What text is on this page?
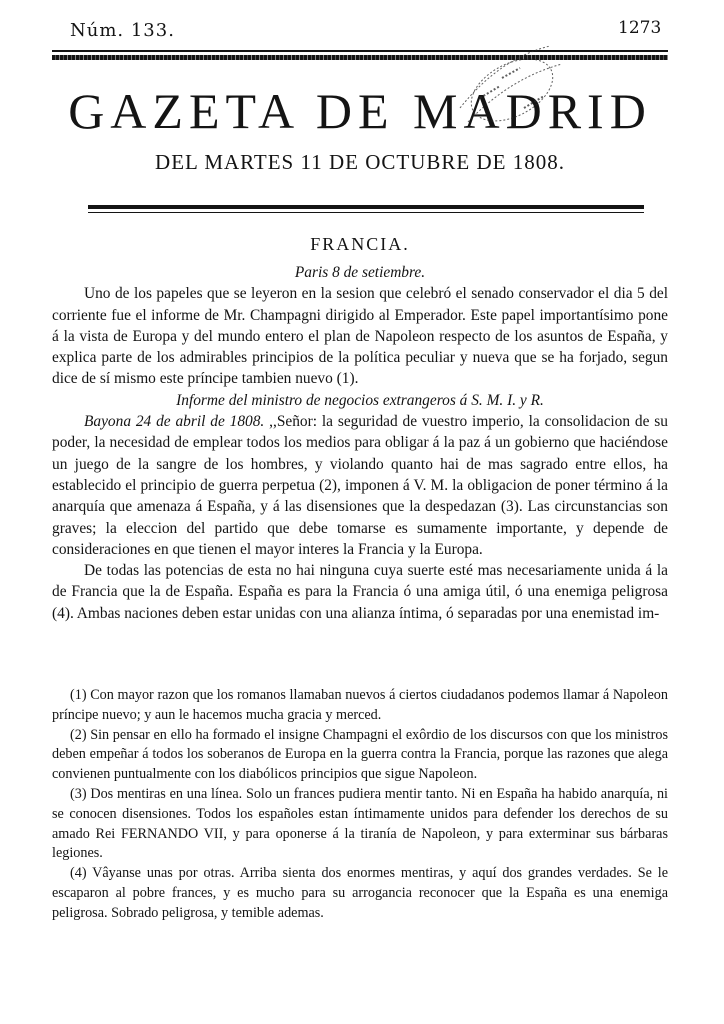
Núm. 133.	1273
GAZETA DE MADRID
DEL MARTES 11 DE OCTUBRE DE 1808.

FRANCIA.

Paris 8 de setiembre.

Uno de los papeles que se leyeron en la sesion que celebró el senado conservador el dia 5 del corriente fue el informe de Mr. Champagni dirigido al Emperador. Este papel importantísimo pone á la vista de Europa y del mundo entero el plan de Napoleon respecto de los asuntos de España, y explica parte de los admirables principios de la política peculiar y nueva que se ha forjado, segun dice de sí mismo este príncipe tambien nuevo (1).

Informe del ministro de negocios extrangeros á S. M. I. y R.

Bayona 24 de abril de 1808. ,,Señor: la seguridad de vuestro imperio, la consolidacion de su poder, la necesidad de emplear todos los medios para obligar á la paz á un gobierno que haciéndose un juego de la sangre de los hombres, y violando quanto hai de mas sagrado entre ellos, ha establecido el principio de guerra perpetua (2), imponen á V. M. la obligacion de poner término á la anarquía que amenaza á España, y á las disensiones que la despedazan (3). Las circunstancias son graves; la eleccion del partido que debe tomarse es sumamente importante, y depende de consideraciones en que tienen el mayor interes la Francia y la Europa.

De todas las potencias de esta no hai ninguna cuya suerte esté mas necesariamente unida á la de Francia que la de España. España es para la Francia ó una amiga útil, ó una enemiga peligrosa (4). Ambas naciones deben estar unidas con una alianza íntima, ó separadas por una enemistad im-

(1) Con mayor razon que los romanos llamaban nuevos á ciertos ciudadanos podemos llamar á Napoleon príncipe nuevo; y aun le hacemos mucha gracia y merced.

(2) Sin pensar en ello ha formado el insigne Champagni el exôrdio de los discursos con que los ministros deben empeñar á todos los soberanos de Europa en la guerra contra la Francia, porque las razones que alega convienen puntualmente con los diabólicos principios que sigue Napoleon.

(3) Dos mentiras en una línea. Solo un frances pudiera mentir tanto. Ni en España ha habido anarquía, ni se conocen disensiones. Todos los españoles estan íntimamente unidos para defender los derechos de su amado Rei FERNANDO VII, y para oponerse á la tiranía de Napoleon, y para exterminar sus bárbaras legiones.

(4) Vâyanse unas por otras. Arriba sienta dos enormes mentiras, y aquí dos grandes verdades. Se le escaparon al pobre frances, y es mucho para su arrogancia reconocer que la España es una enemiga peligrosa. Sobrado peligrosa, y temible ademas.
